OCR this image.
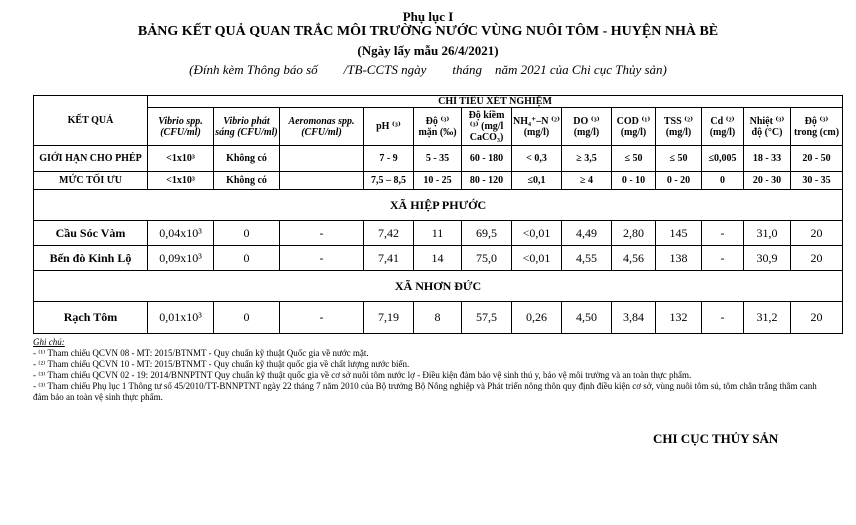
Phụ lục I
BẢNG KẾT QUẢ QUAN TRẮC MÔI TRƯỜNG NƯỚC VÙNG NUÔI TÔM - HUYỆN NHÀ BÈ
(Ngày lấy mẫu 26/4/2021)
(Đính kèm Thông báo số        /TB-CCTS ngày        tháng    năm 2021 của Chi cục Thủy sản)
KẾT QUẢ	CHỈ TIÊU XÉT NGHIỆM												
	Vibrio spp. (CFU/ml)	Vibrio phát sáng (CFU/ml)	Aeromonas spp. (CFU/ml)	pH ⁽³⁾	Độ ⁽³⁾ mặn (‰)	Độ kiềm ⁽³⁾ (mg/l CaCO₃)	NH₄⁺–N ⁽²⁾ (mg/l)	DO ⁽³⁾ (mg/l)	COD ⁽¹⁾ (mg/l)	TSS ⁽²⁾ (mg/l)	Cd ⁽²⁾ (mg/l)	Nhiệt ⁽³⁾ độ (°C)	Độ ⁽³⁾ trong (cm)
GIỚI HẠN CHO PHÉP	<1x10³	Không có		7 - 9	5 - 35	60 - 180	< 0,3	≥ 3,5	≤ 50	≤ 50	≤0,005	18 - 33	20 - 50
MỨC TỐI ƯU	<1x10³	Không có		7,5 – 8,5	10 - 25	80 - 120	≤0,1	≥ 4	0 - 10	0 - 20	0	20 - 30	30 - 35
XÃ HIỆP PHƯỚC													
Cầu Sóc Vàm	0,04x10³	0	-	7,42	11	69,5	<0,01	4,49	2,80	145	-	31,0	20
Bến đò Kinh Lộ	0,09x10³	0	-	7,41	14	75,0	<0,01	4,55	4,56	138	-	30,9	20
XÃ NHƠN ĐỨC													
Rạch Tôm	0,01x10³	0	-	7,19	8	57,5	0,26	4,50	3,84	132	-	31,2	20
Ghi chú:
- ⁽¹⁾ Tham chiếu QCVN 08 - MT: 2015/BTNMT - Quy chuẩn kỹ thuật Quốc gia về nước mặt.
- ⁽²⁾ Tham chiếu QCVN 10 - MT: 2015/BTNMT - Quy chuẩn kỹ thuật quốc gia về chất lượng nước biển.
- ⁽³⁾ Tham chiếu QCVN 02 - 19: 2014/BNNPTNT Quy chuẩn kỹ thuật quốc gia về cơ sở nuôi tôm nước lợ - Điều kiện đảm bảo vệ sinh thú y, bảo vệ môi trường và an toàn thực phẩm.
- ⁽³⁾ Tham chiếu Phụ lục 1 Thông tư số 45/2010/TT-BNNPTNT ngày 22 tháng 7 năm 2010 của Bộ trưởng Bộ Nông nghiệp và Phát triển nông thôn quy định điều kiện cơ sở, vùng nuôi tôm sú, tôm chân trắng thâm canh đảm bảo an toàn vệ sinh thực phẩm.
CHI CỤC THỦY SẢN
